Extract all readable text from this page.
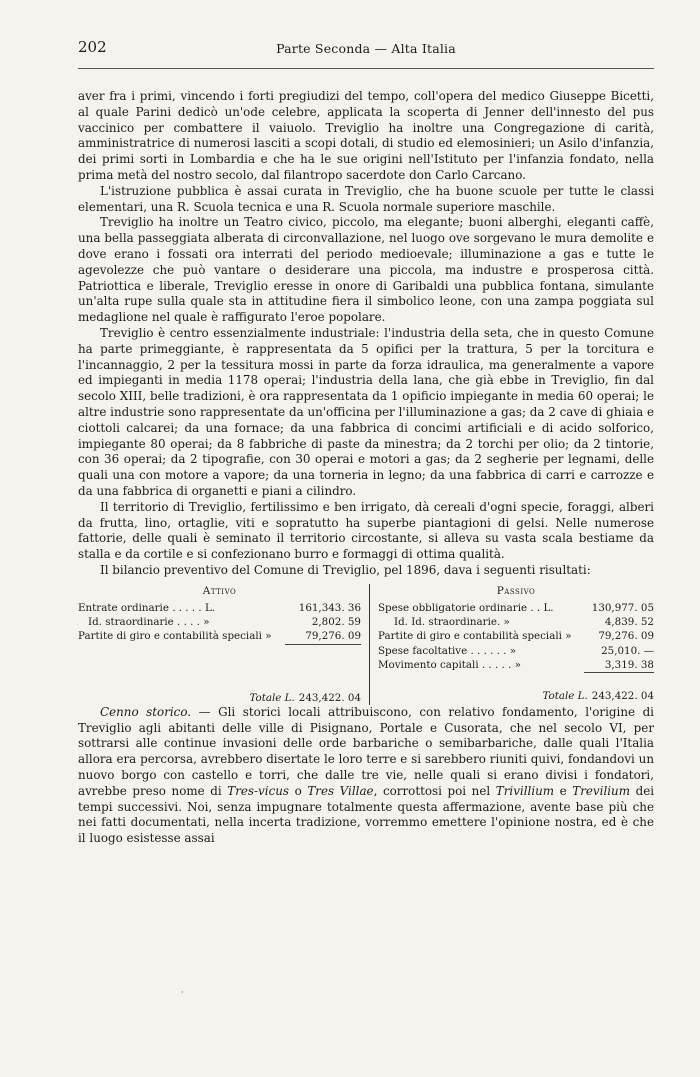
202	Parte Seconda — Alta Italia

aver fra i primi, vincendo i forti pregiudizi del tempo, coll'opera del medico Giuseppe Bicetti, al quale Parini dedicò un'ode celebre, applicata la scoperta di Jenner dell'innesto del pus vaccinico per combattere il vaiuolo. Treviglio ha inoltre una Congregazione di carità, amministratrice di numerosi lasciti a scopi dotali, di studio ed elemosinieri; un Asilo d'infanzia, dei primi sorti in Lombardia e che ha le sue origini nell'Istituto per l'infanzia fondato, nella prima metà del nostro secolo, dal filantropo sacerdote don Carlo Carcano.

L'istruzione pubblica è assai curata in Treviglio, che ha buone scuole per tutte le classi elementari, una R. Scuola tecnica e una R. Scuola normale superiore maschile.

Treviglio ha inoltre un Teatro civico, piccolo, ma elegante; buoni alberghi, eleganti caffè, una bella passeggiata alberata di circonvallazione, nel luogo ove sorgevano le mura demolite e dove erano i fossati ora interrati del periodo medioevale; illuminazione a gas e tutte le agevolezze che può vantare o desiderare una piccola, ma industre e prosperosa città. Patriottica e liberale, Treviglio eresse in onore di Garibaldi una pubblica fontana, simulante un'alta rupe sulla quale sta in attitudine fiera il simbolico leone, con una zampa poggiata sul medaglione nel quale è raffigurato l'eroe popolare.

Treviglio è centro essenzialmente industriale: l'industria della seta, che in questo Comune ha parte primeggiante, è rappresentata da 5 opifici per la trattura, 5 per la torcitura e l'incannaggio, 2 per la tessitura mossi in parte da forza idraulica, ma generalmente a vapore ed impieganti in media 1178 operai; l'industria della lana, che già ebbe in Treviglio, fin dal secolo XIII, belle tradizioni, è ora rappresentata da 1 opificio impiegante in media 60 operai; le altre industrie sono rappresentate da un'officina per l'illuminazione a gas; da 2 cave di ghiaia e ciottoli calcarei; da una fornace; da una fabbrica di concimi artificiali e di acido solforico, impiegante 80 operai; da 8 fabbriche di paste da minestra; da 2 torchi per olio; da 2 tintorie, con 36 operai; da 2 tipografie, con 30 operai e motori a gas; da 2 segherie per legnami, delle quali una con motore a vapore; da una torneria in legno; da una fabbrica di carri e carrozze e da una fabbrica di organetti e piani a cilindro.

Il territorio di Treviglio, fertilissimo e ben irrigato, dà cereali d'ogni specie, foraggi, alberi da frutta, lino, ortaglie, viti e sopratutto ha superbe piantagioni di gelsi. Nelle numerose fattorie, delle quali è seminato il territorio circostante, si alleva su vasta scala bestiame da stalla e da cortile e si confezionano burro e formaggi di ottima qualità.

Il bilancio preventivo del Comune di Treviglio, pel 1896, dava i seguenti risultati:

Attivo
Entrate ordinarie . . . . . L.	161,343. 36
Id. straordinarie . . . . »	2,802. 59
Partite di giro e contabilità speciali »	79,276. 09
Totale L. 243,422. 04
Passivo
Spese obbligatorie ordinarie . . L.	130,977. 05
Id. Id. straordinarie. »	4,839. 52
Partite di giro e contabilità speciali »	79,276. 09
Spese facoltative . . . . . . »	25,010. —
Movimento capitali . . . . . »	3,319. 38
Totale L. 243,422. 04

Cenno storico. — Gli storici locali attribuiscono, con relativo fondamento, l'origine di Treviglio agli abitanti delle ville di Pisignano, Portale e Cusorata, che nel secolo VI, per sottrarsi alle continue invasioni delle orde barbariche o semibarbariche, dalle quali l'Italia allora era percorsa, avrebbero disertate le loro terre e si sarebbero riuniti quivi, fondandovi un nuovo borgo con castello e torri, che dalle tre vie, nelle quali si erano divisi i fondatori, avrebbe preso nome di Tres-vicus o Tres Villae, corrottosi poi nel Trivillium e Trevilium dei tempi successivi. Noi, senza impugnare totalmente questa affermazione, avente base più che nei fatti documentati, nella incerta tradizione, vorremmo emettere l'opinione nostra, ed è che il luogo esistesse assai

·
